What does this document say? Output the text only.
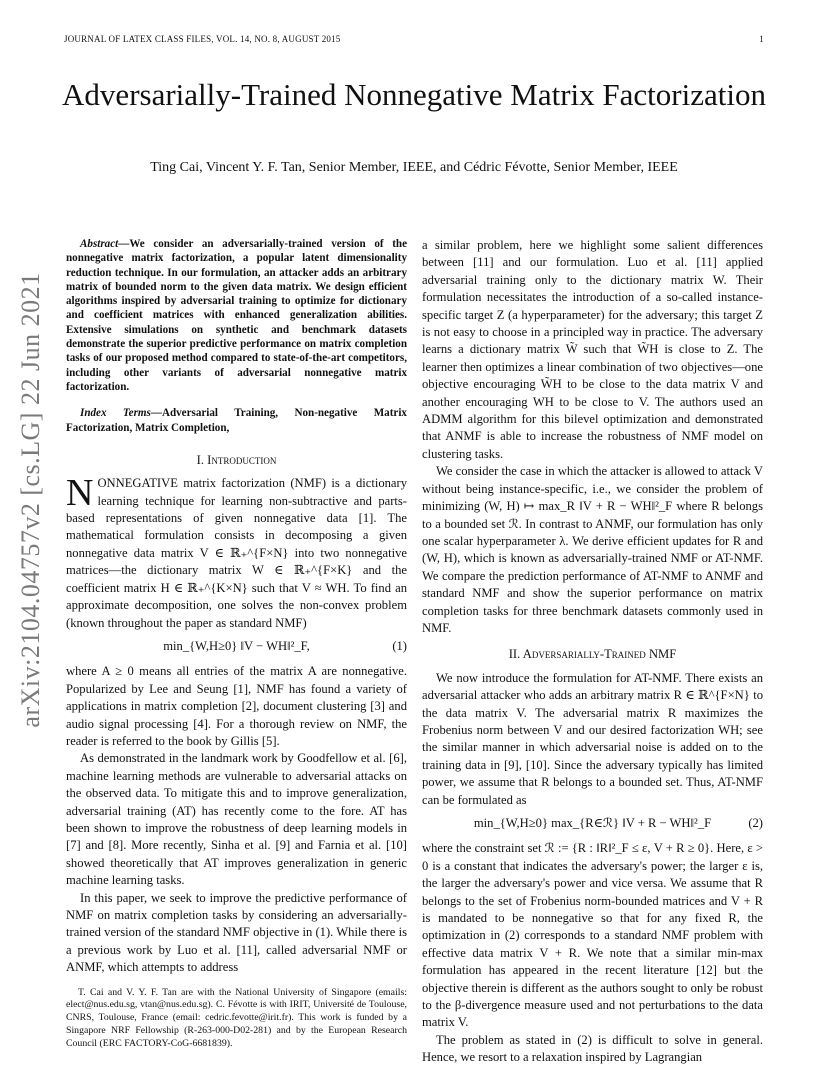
JOURNAL OF LATEX CLASS FILES, VOL. 14, NO. 8, AUGUST 2015	1
arXiv:2104.04757v2 [cs.LG] 22 Jun 2021
Adversarially-Trained Nonnegative Matrix Factorization
Ting Cai, Vincent Y. F. Tan, Senior Member, IEEE, and Cédric Févotte, Senior Member, IEEE

Abstract—We consider an adversarially-trained version of the nonnegative matrix factorization, a popular latent dimensionality reduction technique. In our formulation, an attacker adds an arbitrary matrix of bounded norm to the given data matrix. We design efficient algorithms inspired by adversarial training to optimize for dictionary and coefficient matrices with enhanced generalization abilities. Extensive simulations on synthetic and benchmark datasets demonstrate the superior predictive performance on matrix completion tasks of our proposed method compared to state-of-the-art competitors, including other variants of adversarial nonnegative matrix factorization.

Index Terms—Adversarial Training, Non-negative Matrix Factorization, Matrix Completion,

I. Introduction

NONNEGATIVE matrix factorization (NMF) is a dictionary learning technique for learning non-subtractive and parts-based representations of given nonnegative data [1]. The mathematical formulation consists in decomposing a given nonnegative data matrix V ∈ ℝ₊^{F×N} into two nonnegative matrices—the dictionary matrix W ∈ ℝ₊^{F×K} and the coefficient matrix H ∈ ℝ₊^{K×N} such that V ≈ WH. To find an approximate decomposition, one solves the non-convex problem (known throughout the paper as standard NMF)

min_{W,H≥0} ‖V − WH‖²_F,	(1)

where A ≥ 0 means all entries of the matrix A are nonnegative. Popularized by Lee and Seung [1], NMF has found a variety of applications in matrix completion [2], document clustering [3] and audio signal processing [4]. For a thorough review on NMF, the reader is referred to the book by Gillis [5].

As demonstrated in the landmark work by Goodfellow et al. [6], machine learning methods are vulnerable to adversarial attacks on the observed data. To mitigate this and to improve generalization, adversarial training (AT) has recently come to the fore. AT has been shown to improve the robustness of deep learning models in [7] and [8]. More recently, Sinha et al. [9] and Farnia et al. [10] showed theoretically that AT improves generalization in generic machine learning tasks.

In this paper, we seek to improve the predictive performance of NMF on matrix completion tasks by considering an adversarially-trained version of the standard NMF objective in (1). While there is a previous work by Luo et al. [11], called adversarial NMF or ANMF, which attempts to address

T. Cai and V. Y. F. Tan are with the National University of Singapore (emails: elect@nus.edu.sg, vtan@nus.edu.sg). C. Févotte is with IRIT, Université de Toulouse, CNRS, Toulouse, France (email: cedric.fevotte@irit.fr). This work is funded by a Singapore NRF Fellowship (R-263-000-D02-281) and by the European Research Council (ERC FACTORY-CoG-6681839).

a similar problem, here we highlight some salient differences between [11] and our formulation. Luo et al. [11] applied adversarial training only to the dictionary matrix W. Their formulation necessitates the introduction of a so-called instance-specific target Z (a hyperparameter) for the adversary; this target Z is not easy to choose in a principled way in practice. The adversary learns a dictionary matrix W̃ such that W̃H is close to Z. The learner then optimizes a linear combination of two objectives—one objective encouraging W̃H to be close to the data matrix V and another encouraging WH to be close to V. The authors used an ADMM algorithm for this bilevel optimization and demonstrated that ANMF is able to increase the robustness of NMF model on clustering tasks.

We consider the case in which the attacker is allowed to attack V without being instance-specific, i.e., we consider the problem of minimizing (W, H) ↦ max_R ‖V + R − WH‖²_F where R belongs to a bounded set ℛ. In contrast to ANMF, our formulation has only one scalar hyperparameter λ. We derive efficient updates for R and (W, H), which is known as adversarially-trained NMF or AT-NMF. We compare the prediction performance of AT-NMF to ANMF and standard NMF and show the superior performance on matrix completion tasks for three benchmark datasets commonly used in NMF.

II. Adversarially-Trained NMF

We now introduce the formulation for AT-NMF. There exists an adversarial attacker who adds an arbitrary matrix R ∈ ℝ^{F×N} to the data matrix V. The adversarial matrix R maximizes the Frobenius norm between V and our desired factorization WH; see the similar manner in which adversarial noise is added on to the training data in [9], [10]. Since the adversary typically has limited power, we assume that R belongs to a bounded set. Thus, AT-NMF can be formulated as

min_{W,H≥0} max_{R∈ℛ} ‖V + R − WH‖²_F	(2)

where the constraint set ℛ := {R : ‖R‖²_F ≤ ε, V + R ≥ 0}. Here, ε > 0 is a constant that indicates the adversary's power; the larger ε is, the larger the adversary's power and vice versa. We assume that R belongs to the set of Frobenius norm-bounded matrices and V + R is mandated to be nonnegative so that for any fixed R, the optimization in (2) corresponds to a standard NMF problem with effective data matrix V + R. We note that a similar min-max formulation has appeared in the recent literature [12] but the objective therein is different as the authors sought to only be robust to the β-divergence measure used and not perturbations to the data matrix V.

The problem as stated in (2) is difficult to solve in general. Hence, we resort to a relaxation inspired by Lagrangian
